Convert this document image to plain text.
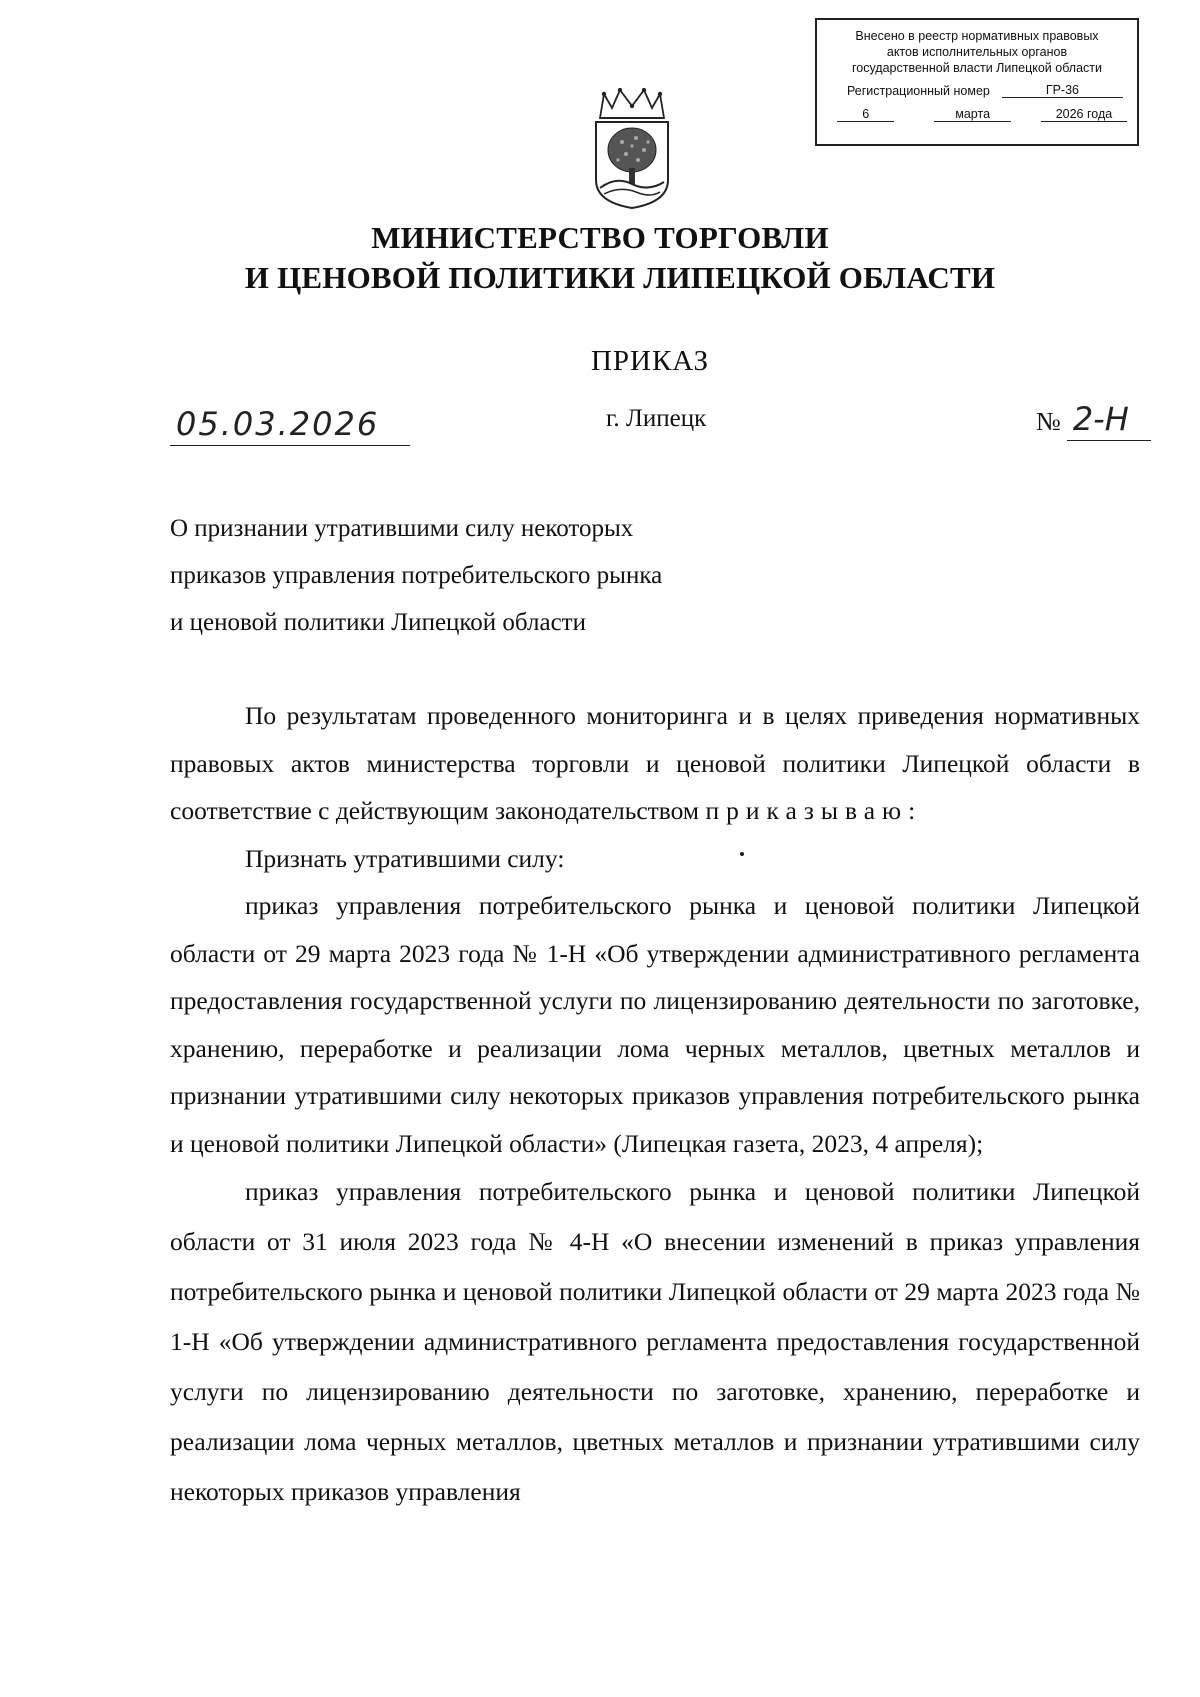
Внесено в реестр нормативных правовых
актов исполнительных органов
государственной власти Липецкой области
Регистрационный номер	ГР-36
6	марта	2026 года
МИНИСТЕРСТВО ТОРГОВЛИ
И ЦЕНОВОЙ ПОЛИТИКИ ЛИПЕЦКОЙ ОБЛАСТИ
ПРИКАЗ
05.03.2026	г. Липецк	№ 2-Н
О признании утратившими силу некоторых
приказов управления потребительского рынка
и ценовой политики Липецкой области

По результатам проведенного мониторинга и в целях приведения нормативных правовых актов министерства торговли и ценовой политики Липецкой области в соответствие с действующим законодательством приказываю:

Признать утратившими силу:

приказ управления потребительского рынка и ценовой политики Липецкой области от 29 марта 2023 года № 1-Н «Об утверждении административного регламента предоставления государственной услуги по лицензированию деятельности по заготовке, хранению, переработке и реализации лома черных металлов, цветных металлов и признании утратившими силу некоторых приказов управления потребительского рынка и ценовой политики Липецкой области» (Липецкая газета, 2023, 4 апреля);

приказ управления потребительского рынка и ценовой политики Липецкой области от 31 июля 2023 года № 4-Н «О внесении изменений в приказ управления потребительского рынка и ценовой политики Липецкой области от 29 марта 2023 года № 1-Н «Об утверждении административного регламента предоставления государственной услуги по лицензированию деятельности по заготовке, хранению, переработке и реализации лома черных металлов, цветных металлов и признании утратившими силу некоторых приказов управления
